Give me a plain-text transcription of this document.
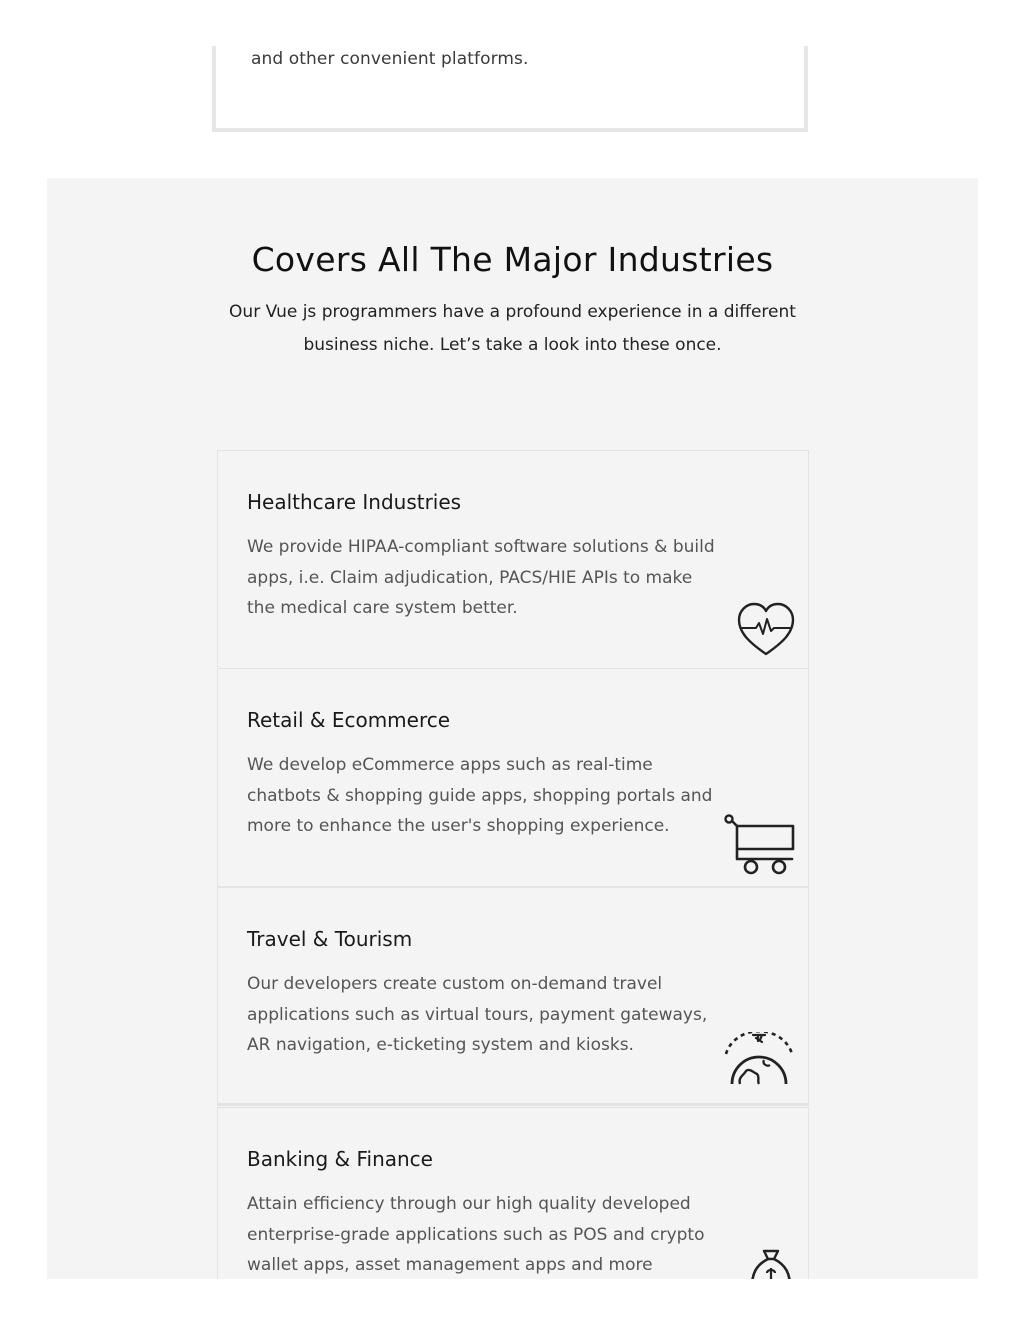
and other convenient platforms.
Covers All The Major Industries

Our Vue js programmers have a profound experience in a different business niche. Let’s take a look into these once.

Healthcare Industries

We provide HIPAA-compliant software solutions & build apps, i.e. Claim adjudication, PACS/HIE APIs to make the medical care system better.

Retail & Ecommerce

We develop eCommerce apps such as real-time chatbots & shopping guide apps, shopping portals and more to enhance the user's shopping experience.

Travel & Tourism

Our developers create custom on-demand travel applications such as virtual tours, payment gateways, AR navigation, e-ticketing system and kiosks.

Banking & Finance

Attain efficiency through our high quality developed enterprise-grade applications such as POS and crypto wallet apps, asset management apps and more
